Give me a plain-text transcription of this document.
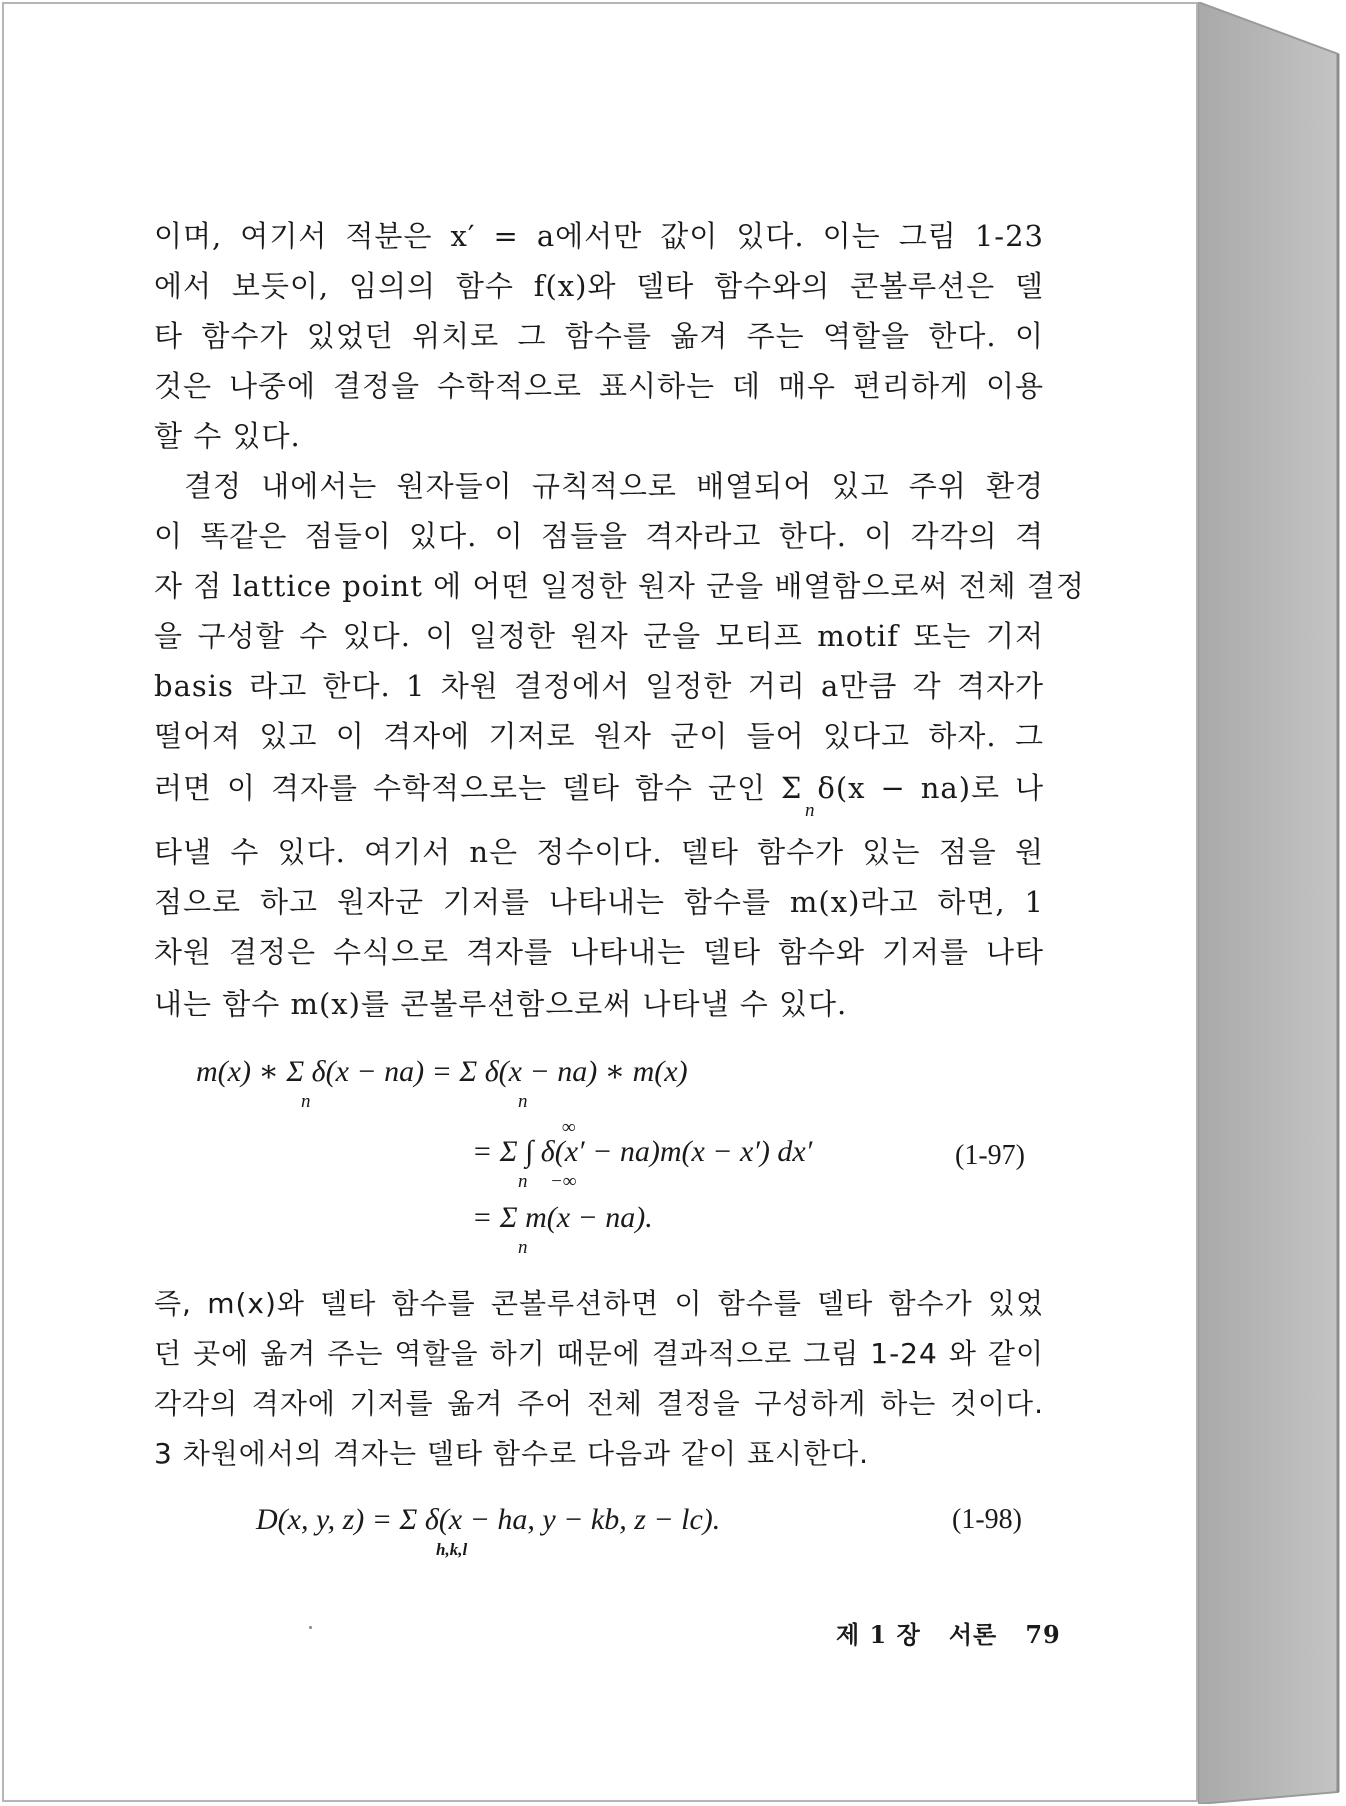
이며, 여기서 적분은 x′ = a에서만 값이 있다. 이는 그림 1-23
에서 보듯이, 임의의 함수 f(x)와 델타 함수와의 콘볼루션은 델
타 함수가 있었던 위치로 그 함수를 옮겨 주는 역할을 한다. 이
것은 나중에 결정을 수학적으로 표시하는 데 매우 편리하게 이용
할 수 있다.
결정 내에서는 원자들이 규칙적으로 배열되어 있고 주위 환경
이 똑같은 점들이 있다. 이 점들을 격자라고 한다. 이 각각의 격
자 점 lattice point 에 어떤 일정한 원자 군을 배열함으로써 전체 결정
을 구성할 수 있다. 이 일정한 원자 군을 모티프 motif 또는 기저
basis 라고 한다. 1 차원 결정에서 일정한 거리 a만큼 각 격자가
떨어져 있고 이 격자에 기저로 원자 군이 들어 있다고 하자. 그
러면 이 격자를 수학적으로는 델타 함수 군인 Σ δ(x − na)로 나
n
타낼 수 있다. 여기서 n은 정수이다. 델타 함수가 있는 점을 원
점으로 하고 원자군 기저를 나타내는 함수를 m(x)라고 하면, 1
차원 결정은 수식으로 격자를 나타내는 델타 함수와 기저를 나타
내는 함수 m(x)를 콘볼루션함으로써 나타낼 수 있다.
m(x) ∗ Σ δ(x − na) = Σ δ(x − na) ∗ m(x)
n	n
= Σ ∫ δ(x′ − na)m(x − x′) dx′
∞
−∞
n
(1-97)
= Σ m(x − na).
n
즉, m(x)와 델타 함수를 콘볼루션하면 이 함수를 델타 함수가 있었
던 곳에 옮겨 주는 역할을 하기 때문에 결과적으로 그림 1-24 와 같이
각각의 격자에 기저를 옮겨 주어 전체 결정을 구성하게 하는 것이다.
3 차원에서의 격자는 델타 함수로 다음과 같이 표시한다.
D(x, y, z) = Σ δ(x − ha, y − kb, z − lc).
h,k,l
(1-98)
제 1 장 서론 79
